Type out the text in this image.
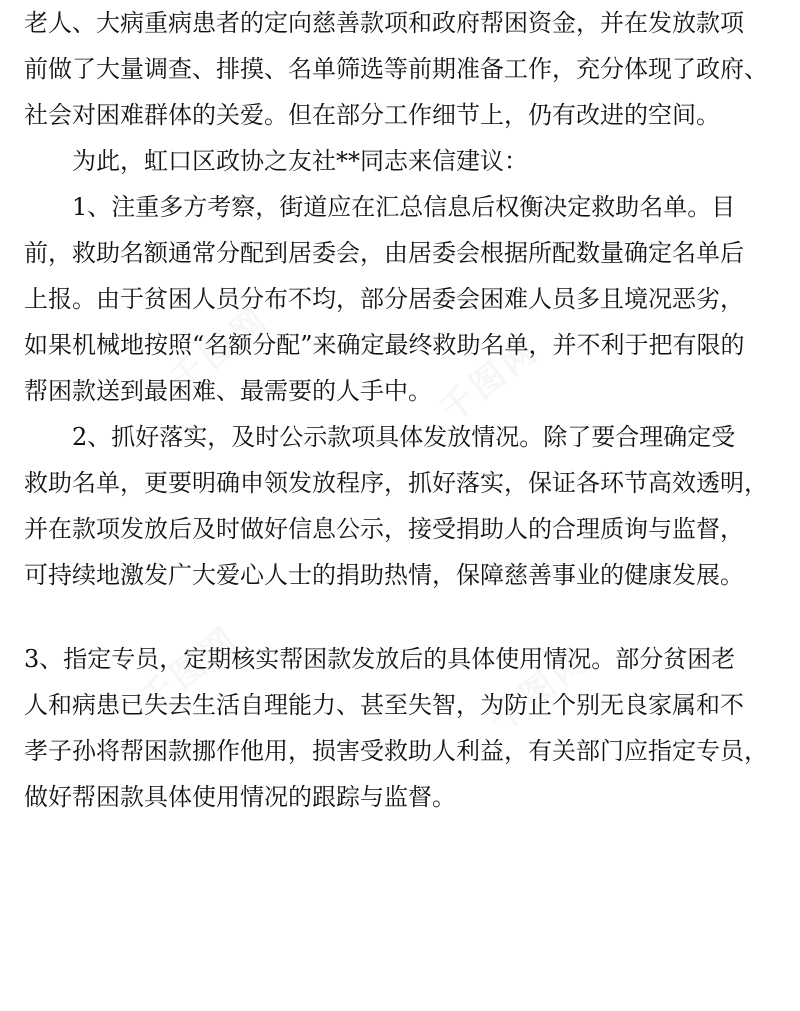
千图网	千图网
千图网	千图网
老人、大病重病患者的定向慈善款项和政府帮困资金，并在发放款项
前做了大量调查、排摸、名单筛选等前期准备工作，充分体现了政府、
社会对困难群体的关爱。但在部分工作细节上，仍有改进的空间。
为此，虹口区政协之友社**同志来信建议：
1、注重多方考察，街道应在汇总信息后权衡决定救助名单。目
前，救助名额通常分配到居委会，由居委会根据所配数量确定名单后
上报。由于贫困人员分布不均，部分居委会困难人员多且境况恶劣，
如果机械地按照“名额分配”来确定最终救助名单，并不利于把有限的
帮困款送到最困难、最需要的人手中。
2、抓好落实，及时公示款项具体发放情况。除了要合理确定受
救助名单，更要明确申领发放程序，抓好落实，保证各环节高效透明，
并在款项发放后及时做好信息公示，接受捐助人的合理质询与监督，
可持续地激发广大爱心人士的捐助热情，保障慈善事业的健康发展。
3、指定专员，定期核实帮困款发放后的具体使用情况。部分贫困老
人和病患已失去生活自理能力、甚至失智，为防止个别无良家属和不
孝子孙将帮困款挪作他用，损害受救助人利益，有关部门应指定专员，
做好帮困款具体使用情况的跟踪与监督。
